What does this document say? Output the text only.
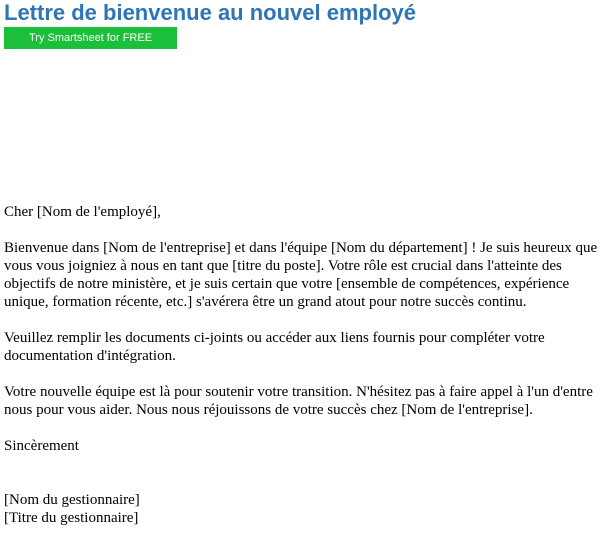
Lettre de bienvenue au nouvel employé
Try Smartsheet for FREE

Cher [Nom de l'employé],

Bienvenue dans [Nom de l'entreprise] et dans l'équipe [Nom du département] ! Je suis heureux que vous vous joigniez à nous en tant que [titre du poste]. Votre rôle est crucial dans l'atteinte des objectifs de notre ministère, et je suis certain que votre [ensemble de compétences, expérience unique, formation récente, etc.] s'avérera être un grand atout pour notre succès continu.

Veuillez remplir les documents ci-joints ou accéder aux liens fournis pour compléter votre documentation d'intégration.

Votre nouvelle équipe est là pour soutenir votre transition. N'hésitez pas à faire appel à l'un d'entre nous pour vous aider. Nous nous réjouissons de votre succès chez [Nom de l'entreprise].

Sincèrement

[Nom du gestionnaire]

[Titre du gestionnaire]
